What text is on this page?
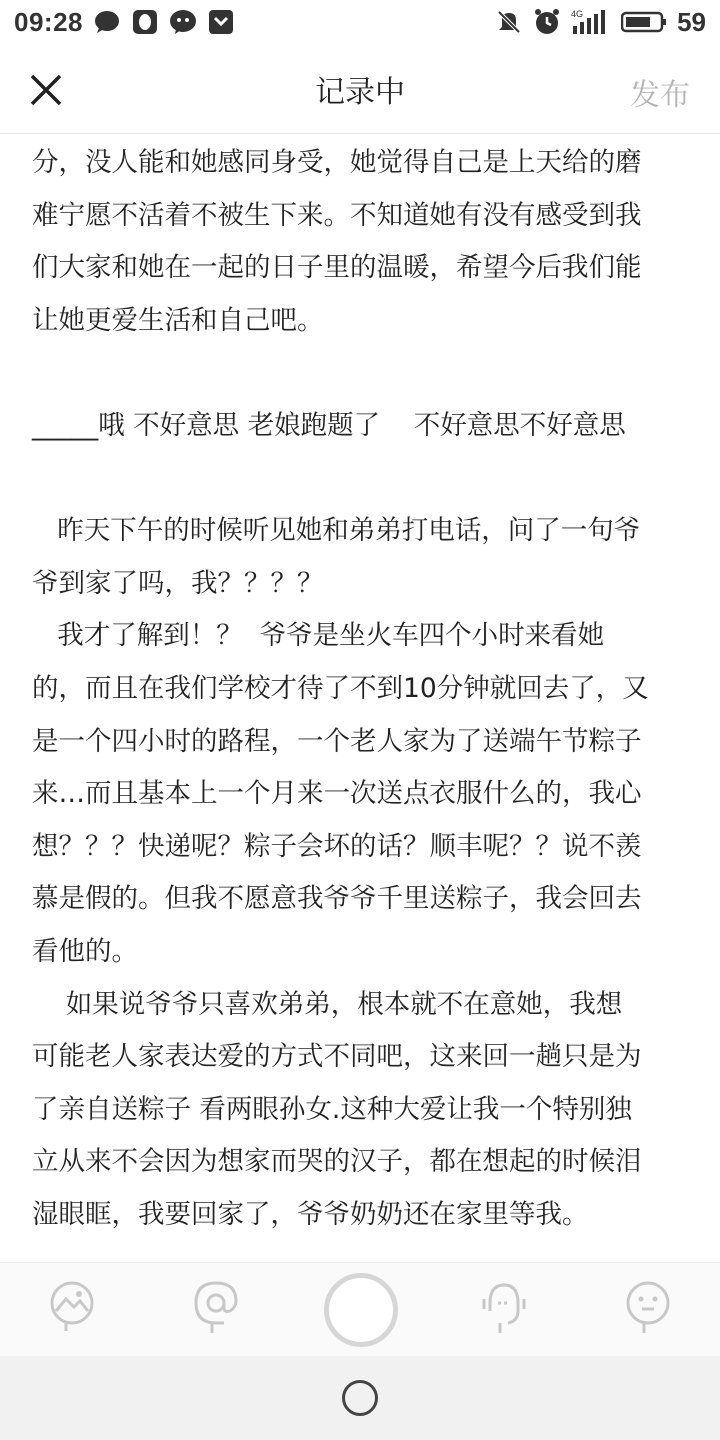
09:28	4G	59
记录中	发布
分，没人能和她感同身受，她觉得自己是上天给的磨
难宁愿不活着不被生下来。不知道她有没有感受到我
们大家和她在一起的日子里的温暖，希望今后我们能
让她更爱生活和自己吧。
_____哦 不好意思 老娘跑题了    不好意思不好意思
昨天下午的时候听见她和弟弟打电话，问了一句爷
爷到家了吗，我？？？？
我才了解到！？  爷爷是坐火车四个小时来看她
的，而且在我们学校才待了不到10分钟就回去了，又
是一个四小时的路程，一个老人家为了送端午节粽子
来…而且基本上一个月来一次送点衣服什么的，我心
想？？？快递呢？粽子会坏的话？顺丰呢？？说不羡
慕是假的。但我不愿意我爷爷千里送粽子，我会回去
看他的。
如果说爷爷只喜欢弟弟，根本就不在意她，我想
可能老人家表达爱的方式不同吧，这来回一趟只是为
了亲自送粽子 看两眼孙女.这种大爱让我一个特别独
立从来不会因为想家而哭的汉子，都在想起的时候泪
湿眼眶，我要回家了，爷爷奶奶还在家里等我。
